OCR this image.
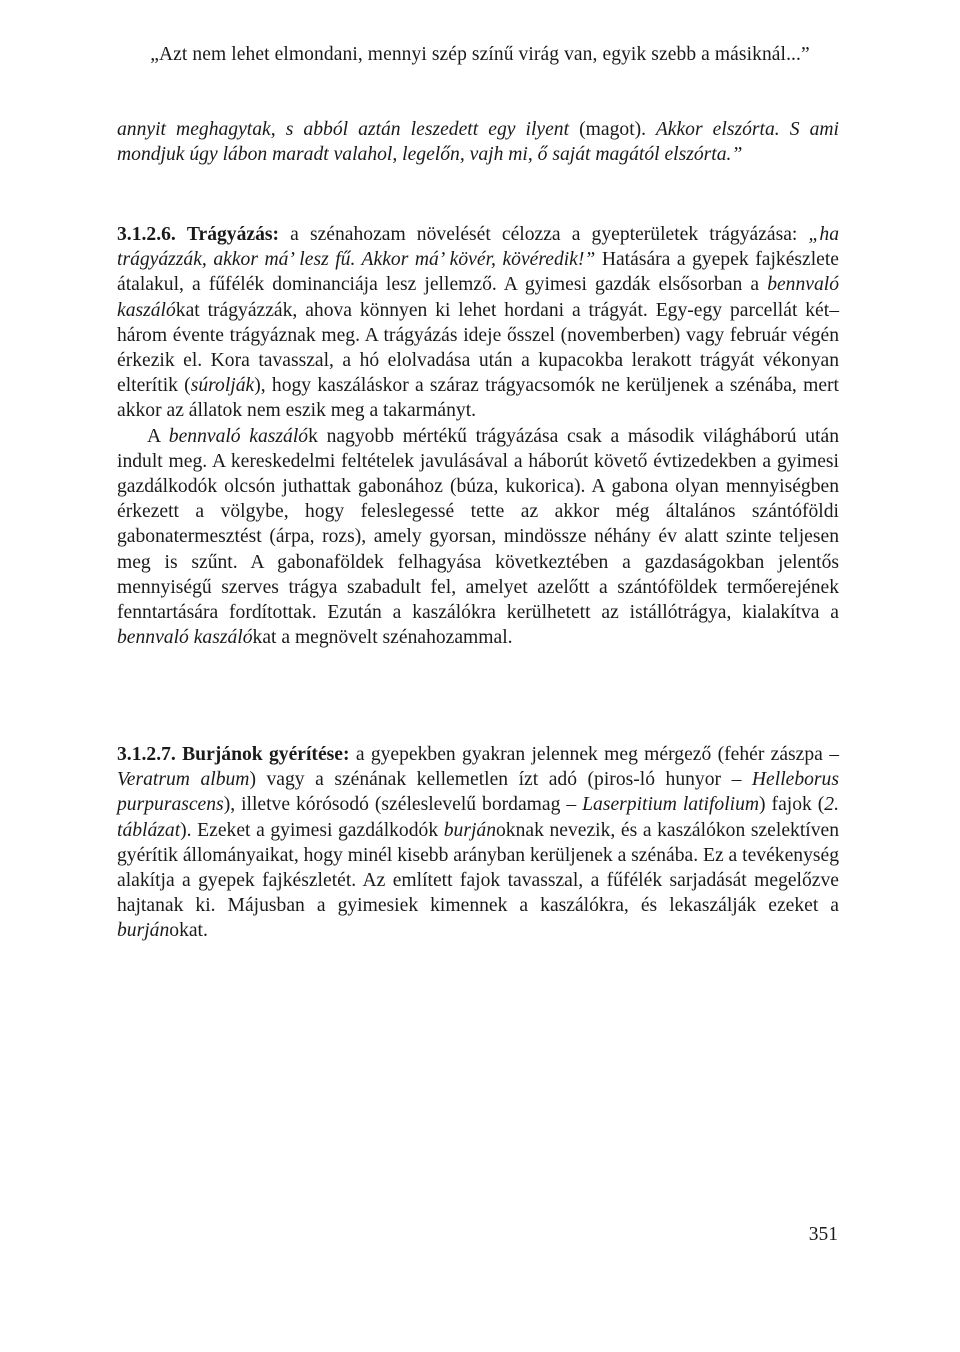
„Azt nem lehet elmondani, mennyi szép színű virág van, egyik szebb a másiknál...”

annyit meghagytak, s abból aztán leszedett egy ilyent (magot). Akkor elszórta. S ami mondjuk úgy lábon maradt valahol, legelőn, vajh mi, ő saját magától elszórta.”

3.1.2.6. Trágyázás: a szénahozam növelését célozza a gyepterületek trágyázása: „ha trágyázzák, akkor má’ lesz fű. Akkor má’ kövér, kövéredik!” Hatására a gyepek fajkészlete átalakul, a fűfélék dominanciája lesz jellemző. A gyimesi gazdák elsősorban a bennvaló kaszálókat trágyázzák, ahova könnyen ki lehet hordani a trágyát. Egy-egy parcellát két–három évente trágyáznak meg. A trágyázás ideje ősszel (novemberben) vagy február végén érkezik el. Kora tavasszal, a hó elolvadása után a kupacokba lerakott trágyát vékonyan elterítik (súrolják), hogy kaszáláskor a száraz trágyacsomók ne kerüljenek a szénába, mert akkor az állatok nem eszik meg a takarmányt.

A bennvaló kaszálók nagyobb mértékű trágyázása csak a második világháború után indult meg. A kereskedelmi feltételek javulásával a háborút követő évtizedekben a gyimesi gazdálkodók olcsón juthattak gabonához (búza, kukorica). A gabona olyan mennyiségben érkezett a völgybe, hogy feleslegessé tette az akkor még általános szántóföldi gabonatermesztést (árpa, rozs), amely gyorsan, mindössze néhány év alatt szinte teljesen meg is szűnt. A gabonaföldek felhagyása következtében a gazdaságokban jelentős mennyiségű szerves trágya szabadult fel, amelyet azelőtt a szántóföldek termőerejének fenntartására fordítottak. Ezután a kaszálókra kerülhetett az istállótrágya, kialakítva a bennvaló kaszálókat a megnövelt szénahozammal.

3.1.2.7. Burjánok gyérítése: a gyepekben gyakran jelennek meg mérgező (fehér zászpa – Veratrum album) vagy a szénának kellemetlen ízt adó (piros-ló hunyor – Helleborus purpurascens), illetve kórósodó (széleslevelű bordamag – Laserpitium latifolium) fajok (2. táblázat). Ezeket a gyimesi gazdálkodók burjánoknak nevezik, és a kaszálókon szelektíven gyérítik állományaikat, hogy minél kisebb arányban kerüljenek a szénába. Ez a tevékenység alakítja a gyepek fajkészletét. Az említett fajok tavasszal, a fűfélék sarjadását megelőzve hajtanak ki. Májusban a gyimesiek kimennek a kaszálókra, és lekaszálják ezeket a burjánokat.

351
